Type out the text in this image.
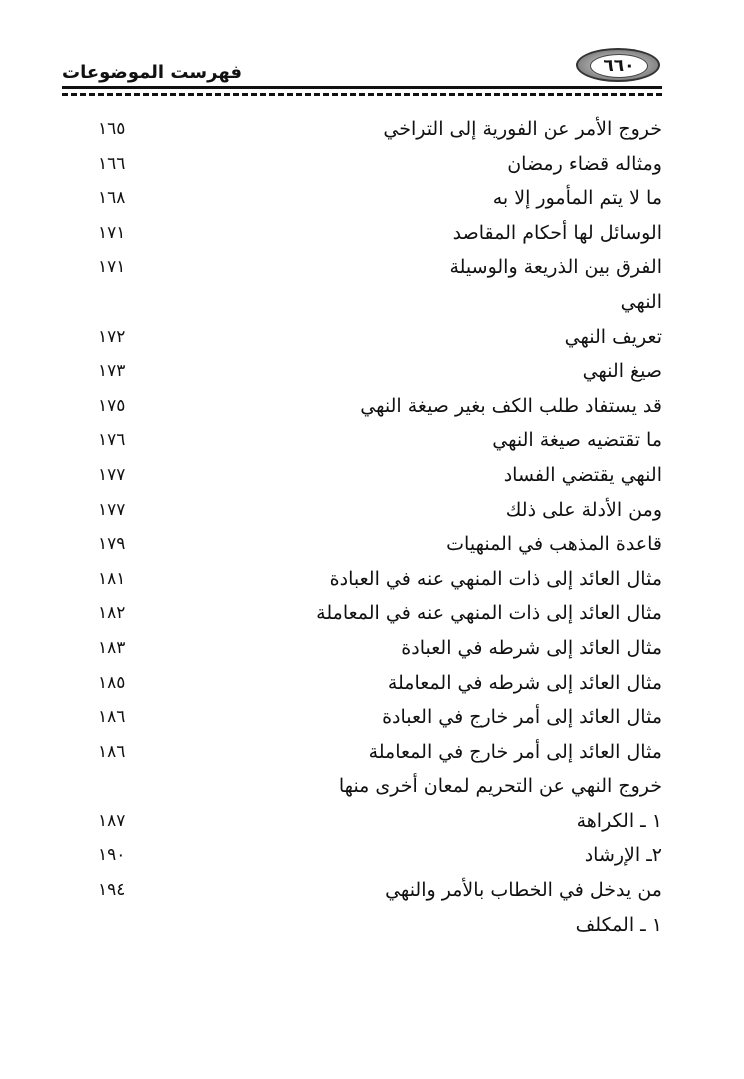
٦٦٠
فهرست الموضوعات
خروج الأمر عن الفورية إلى التراخي
١٦٥
ومثاله قضاء رمضان
١٦٦
ما لا يتم المأمور إلا به
١٦٨
الوسائل لها أحكام المقاصد
١٧١
الفرق بين الذريعة والوسيلة
١٧١
النهي
تعريف النهي
١٧٢
صيغ النهي
١٧٣
قد يستفاد طلب الكف بغير صيغة النهي
١٧٥
ما تقتضيه صيغة النهي
١٧٦
النهي يقتضي الفساد
١٧٧
ومن الأدلة على ذلك
١٧٧
قاعدة المذهب في المنهيات
١٧٩
مثال العائد إلى ذات المنهي عنه في العبادة
١٨١
مثال العائد إلى ذات المنهي عنه في المعاملة
١٨٢
مثال العائد إلى شرطه في العبادة
١٨٣
مثال العائد إلى شرطه في المعاملة
١٨٥
مثال العائد إلى أمر خارج في العبادة
١٨٦
مثال العائد إلى أمر خارج في المعاملة
١٨٦
خروج النهي عن التحريم لمعان أخرى منها
١ ـ الكراهة
١٨٧
٢ـ الإرشاد
١٩٠
من يدخل في الخطاب بالأمر والنهي
١٩٤
١ ـ المكلف
